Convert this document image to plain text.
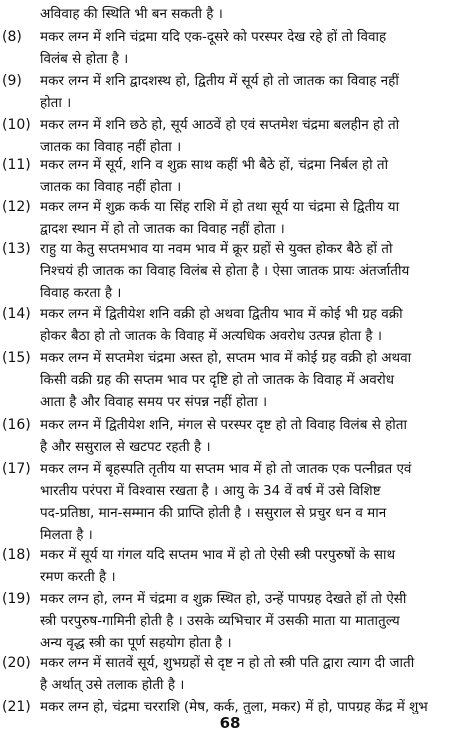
अविवाह की स्थिति भी बन सकती है ।
(8)	मकर लग्न में शनि चंद्रमा यदि एक-दूसरे को परस्पर देख रहे हों तो विवाह
विलंब से होता है ।
(9)	मकर लग्न में शनि द्वादशस्थ हो, द्वितीय में सूर्य हो तो जातक का विवाह नहीं
होता ।
(10) मकर लग्न में शनि छठे हो, सूर्य आठवें हो एवं सप्तमेश चंद्रमा बलहीन हो तो
जातक का विवाह नहीं होता ।
(11) मकर लग्न में सूर्य, शनि व शुक्र साथ कहीं भी बैठे हों, चंद्रमा निर्बल हो तो
जातक का विवाह नहीं होता ।
(12) मकर लग्न में शुक्र कर्क या सिंह राशि में हो तथा सूर्य या चंद्रमा से द्वितीय या
द्वादश स्थान में हो तो जातक का विवाह नहीं होता ।
(13) राहु या केतु सप्तमभाव या नवम भाव में क्रूर ग्रहों से युक्त होकर बैठे हों तो
निश्चयं ही जातक का विवाह विलंब से होता है । ऐसा जातक प्रायः अंतर्जातीय
विवाह करता है ।
(14) मकर लग्न में द्वितीयेश शनि वक्री हो अथवा द्वितीय भाव में कोई भी ग्रह वक्री
होकर बैठा हो तो जातक के विवाह में अत्यधिक अवरोध उत्पन्न होता है ।
(15) मकर लग्न में सप्तमेश चंद्रमा अस्त हो, सप्तम भाव में कोई ग्रह वक्री हो अथवा
किसी वक्री ग्रह की सप्तम भाव पर दृष्टि हो तो जातक के विवाह में अवरोध
आता है और विवाह समय पर संपन्न नहीं होता ।
(16) मकर लग्न में द्वितीयेश शनि, मंगल से परस्पर दृष्ट हो तो विवाह विलंब से होता
है और ससुराल से खटपट रहती है ।
(17) मकर लग्न में बृहस्पति तृतीय या सप्तम भाव में हो तो जातक एक पत्नीव्रत एवं
भारतीय परंपरा में विश्वास रखता है । आयु के 34 वें वर्ष में उसे विशिष्ट
पद-प्रतिष्ठा, मान-सम्मान की प्राप्ति होती है । ससुराल से प्रचुर धन व मान
मिलता है ।
(18) मकर में सूर्य या गंगल यदि सप्तम भाव में हो तो ऐसी स्त्री परपुरुषों के साथ
रमण करती है ।
(19) मकर लग्न हो, लग्न में चंद्रमा व शुक्र स्थित हो, उन्हें पापग्रह देखते हों तो ऐसी
स्त्री परपुरुष-गामिनी होती है । उसके व्यभिचार में उसकी माता या मातातुल्य
अन्य वृद्ध स्त्री का पूर्ण सहयोग होता है ।
(20) मकर लग्न में सातवें सूर्य, शुभग्रहों से दृष्ट न हो तो स्त्री पति द्वारा त्याग दी जाती
है अर्थात् उसे तलाक होती है ।
(21) मकर लग्न हो, चंद्रमा चरराशि (मेष, कर्क, तुला, मकर) में हो, पापग्रह केंद्र में शुभ
68
